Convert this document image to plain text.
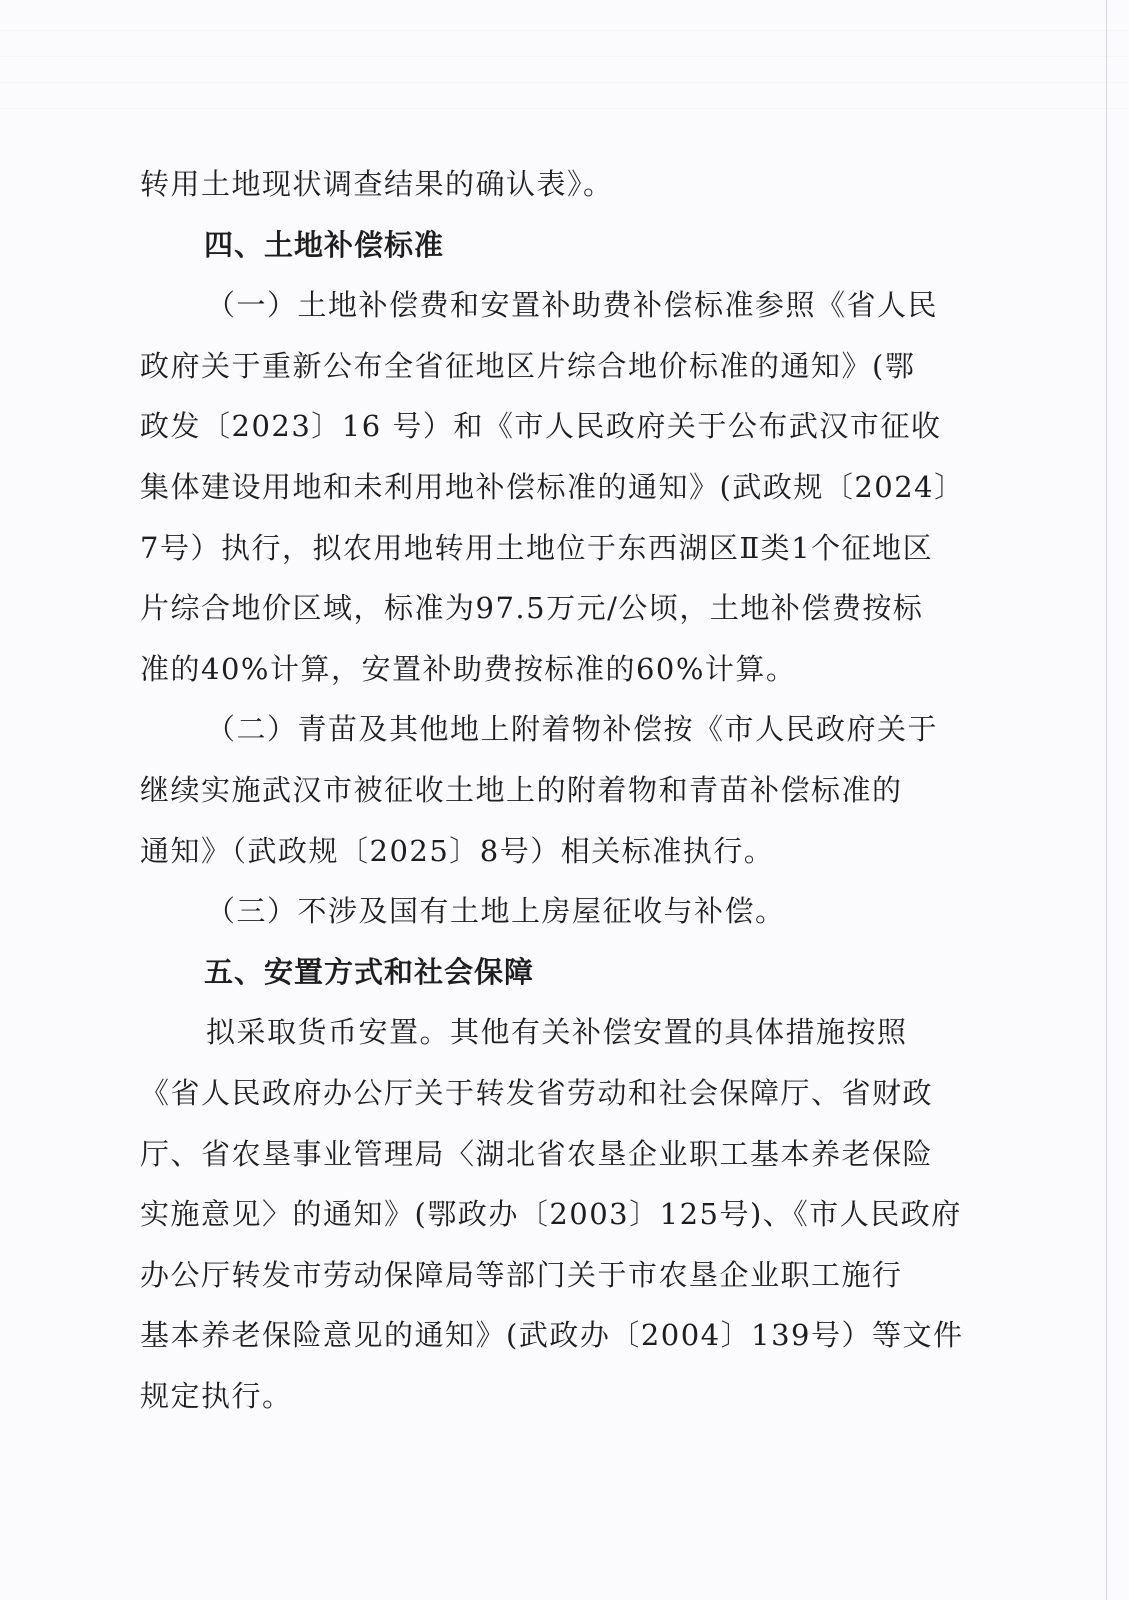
转用土地现状调查结果的确认表》。
四、土地补偿标准
（一）土地补偿费和安置补助费补偿标准参照《省人民
政府关于重新公布全省征地区片综合地价标准的通知》(鄂
政发〔2023〕16 号）和《市人民政府关于公布武汉市征收
集体建设用地和未利用地补偿标准的通知》(武政规〔2024〕
7号）执行，拟农用地转用土地位于东西湖区Ⅱ类1个征地区
片综合地价区域，标准为97.5万元/公顷，土地补偿费按标
准的40%计算，安置补助费按标准的60%计算。
（二）青苗及其他地上附着物补偿按《市人民政府关于
继续实施武汉市被征收土地上的附着物和青苗补偿标准的
通知》（武政规〔2025〕8号）相关标准执行。
（三）不涉及国有土地上房屋征收与补偿。
五、安置方式和社会保障
拟采取货币安置。其他有关补偿安置的具体措施按照
《省人民政府办公厅关于转发省劳动和社会保障厅、省财政
厅、省农垦事业管理局〈湖北省农垦企业职工基本养老保险
实施意见〉的通知》(鄂政办〔2003〕125号)、《市人民政府
办公厅转发市劳动保障局等部门关于市农垦企业职工施行
基本养老保险意见的通知》(武政办〔2004〕139号）等文件
规定执行。
